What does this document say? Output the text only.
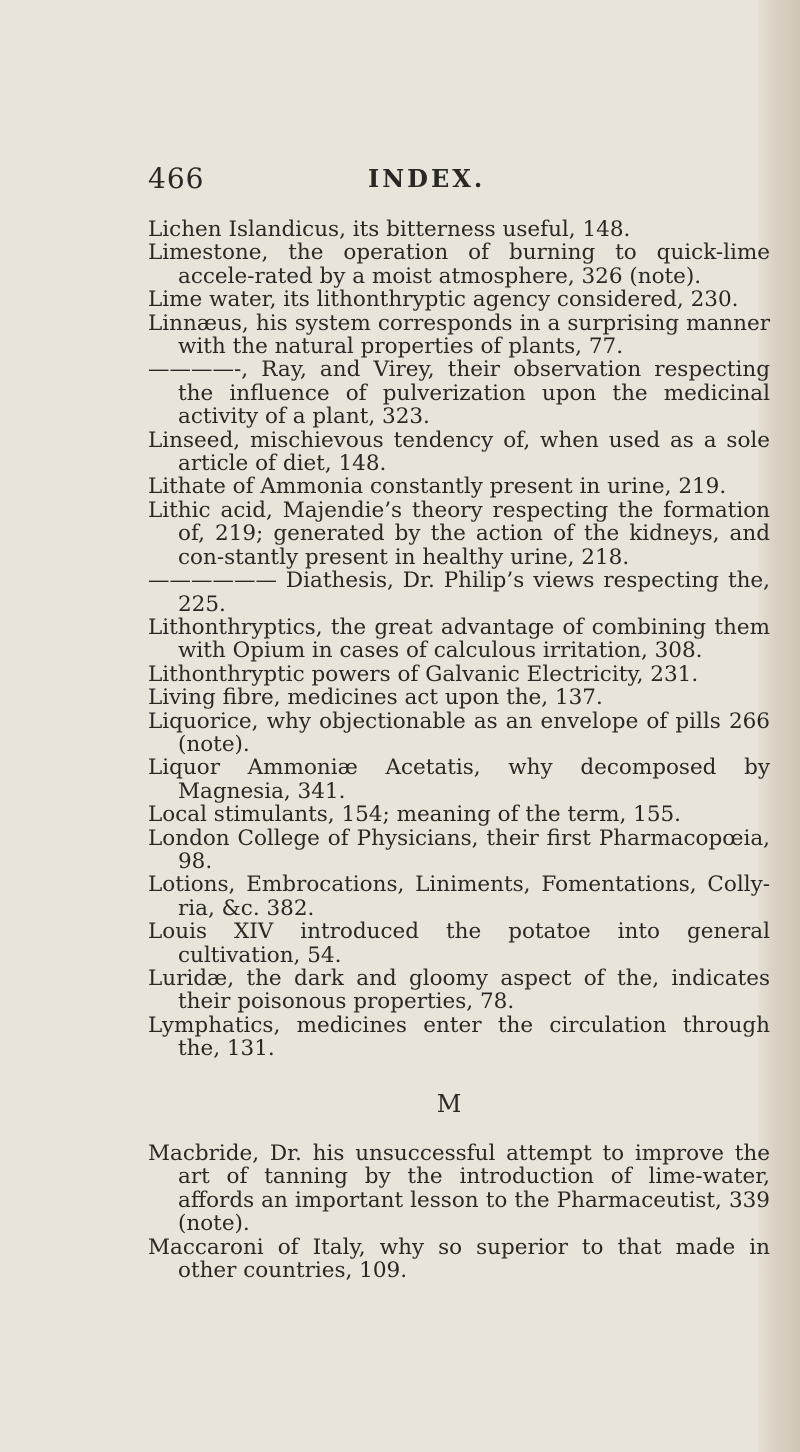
466	INDEX.
Lichen Islandicus, its bitterness useful, 148.
Limestone, the operation of burning to quick-lime accele-rated by a moist atmosphere, 326 (note).
Lime water, its lithonthryptic agency considered, 230.
Linnæus, his system corresponds in a surprising manner with the natural properties of plants, 77.
————-, Ray, and Virey, their observation respecting the influence of pulverization upon the medicinal activity of a plant, 323.
Linseed, mischievous tendency of, when used as a sole article of diet, 148.
Lithate of Ammonia constantly present in urine, 219.
Lithic acid, Majendie’s theory respecting the formation of, 219; generated by the action of the kidneys, and con-stantly present in healthy urine, 218.
—————— Diathesis, Dr. Philip’s views respecting the, 225.
Lithonthryptics, the great advantage of combining them with Opium in cases of calculous irritation, 308.
Lithonthryptic powers of Galvanic Electricity, 231.
Living fibre, medicines act upon the, 137.
Liquorice, why objectionable as an envelope of pills 266 (note).
Liquor Ammoniæ Acetatis, why decomposed by Magnesia, 341.
Local stimulants, 154; meaning of the term, 155.
London College of Physicians, their first Pharmacopœia, 98.
Lotions, Embrocations, Liniments, Fomentations, Colly-ria, &c. 382.
Louis XIV introduced the potatoe into general cultivation, 54.
Luridæ, the dark and gloomy aspect of the, indicates their poisonous properties, 78.
Lymphatics, medicines enter the circulation through the, 131.
M
Macbride, Dr. his unsuccessful attempt to improve the art of tanning by the introduction of lime-water, affords an important lesson to the Pharmaceutist, 339 (note).
Maccaroni of Italy, why so superior to that made in other countries, 109.
